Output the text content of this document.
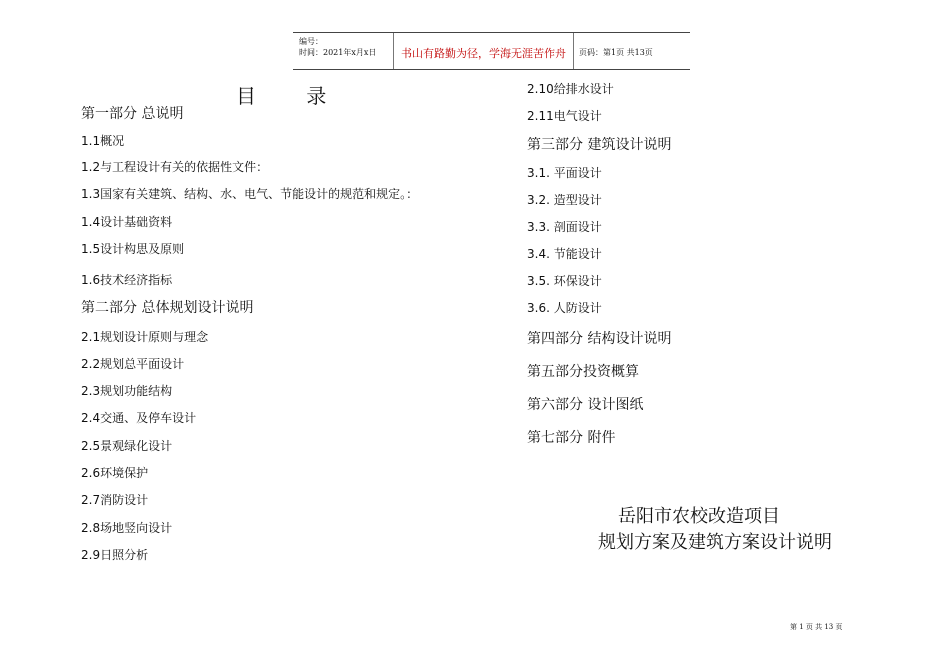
编号：
时间：2021年x月x日 书山有路勤为径，学海无涯苦作舟 页码：第1页 共13页
目 录
第一部分 总说明
1.1概况
1.2与工程设计有关的依据性文件：
1.3国家有关建筑、结构、水、电气、节能设计的规范和规定。：
1.4设计基础资料
1.5设计构思及原则
1.6技术经济指标
第二部分 总体规划设计说明
2.1规划设计原则与理念
2.2规划总平面设计
2.3规划功能结构
2.4交通、及停车设计
2.5景观绿化设计
2.6环境保护
2.7消防设计
2.8场地竖向设计
2.9日照分析
2.10给排水设计
2.11电气设计
第三部分 建筑设计说明
3.1. 平面设计
3.2. 造型设计
3.3. 剖面设计
3.4. 节能设计
3.5. 环保设计
3.6. 人防设计
第四部分 结构设计说明
第五部分投资概算
第六部分 设计图纸
第七部分 附件
岳阳市农校改造项目
规划方案及建筑方案设计说明
第 1 页 共 13 页
